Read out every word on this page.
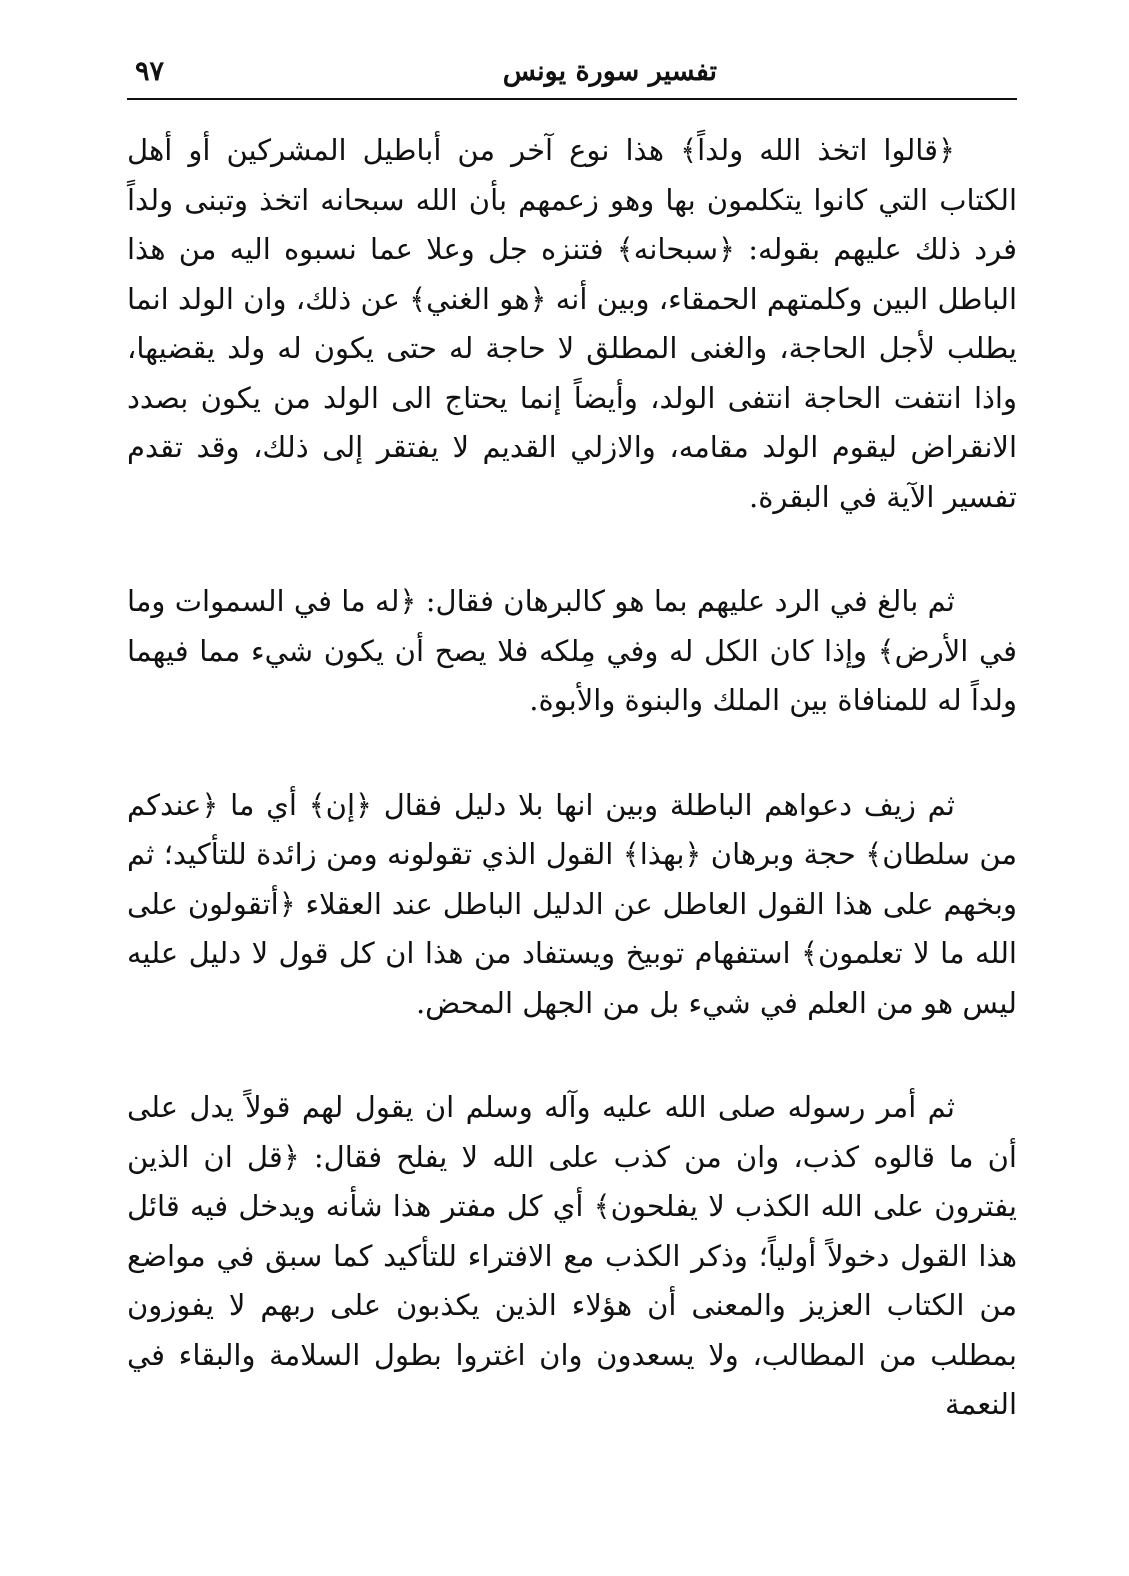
تفسير سورة يونس
٩٧

﴿قالوا اتخذ الله ولداً﴾ هذا نوع آخر من أباطيل المشركين أو أهل الكتاب التي كانوا يتكلمون بها وهو زعمهم بأن الله سبحانه اتخذ وتبنى ولداً فرد ذلك عليهم بقوله: ﴿سبحانه﴾ فتنزه جل وعلا عما نسبوه اليه من هذا الباطل البين وكلمتهم الحمقاء، وبين أنه ﴿هو الغني﴾ عن ذلك، وان الولد انما يطلب لأجل الحاجة، والغنى المطلق لا حاجة له حتى يكون له ولد يقضيها، واذا انتفت الحاجة انتفى الولد، وأيضاً إنما يحتاج الى الولد من يكون بصدد الانقراض ليقوم الولد مقامه، والازلي القديم لا يفتقر إلى ذلك، وقد تقدم تفسير الآية في البقرة.

ثم بالغ في الرد عليهم بما هو كالبرهان فقال: ﴿له ما في السموات وما في الأرض﴾ وإذا كان الكل له وفي مِلكه فلا يصح أن يكون شيء مما فيهما ولداً له للمنافاة بين الملك والبنوة والأبوة.

ثم زيف دعواهم الباطلة وبين انها بلا دليل فقال ﴿إن﴾ أي ما ﴿عندكم من سلطان﴾ حجة وبرهان ﴿بهذا﴾ القول الذي تقولونه ومن زائدة للتأكيد؛ ثم وبخهم على هذا القول العاطل عن الدليل الباطل عند العقلاء ﴿أتقولون على الله ما لا تعلمون﴾ استفهام توبيخ ويستفاد من هذا ان كل قول لا دليل عليه ليس هو من العلم في شيء بل من الجهل المحض.

ثم أمر رسوله صلى الله عليه وآله وسلم ان يقول لهم قولاً يدل على أن ما قالوه كذب، وان من كذب على الله لا يفلح فقال: ﴿قل ان الذين يفترون على الله الكذب لا يفلحون﴾ أي كل مفتر هذا شأنه ويدخل فيه قائل هذا القول دخولاً أولياً؛ وذكر الكذب مع الافتراء للتأكيد كما سبق في مواضع من الكتاب العزيز والمعنى أن هؤلاء الذين يكذبون على ربهم لا يفوزون بمطلب من المطالب، ولا يسعدون وان اغتروا بطول السلامة والبقاء في النعمة
